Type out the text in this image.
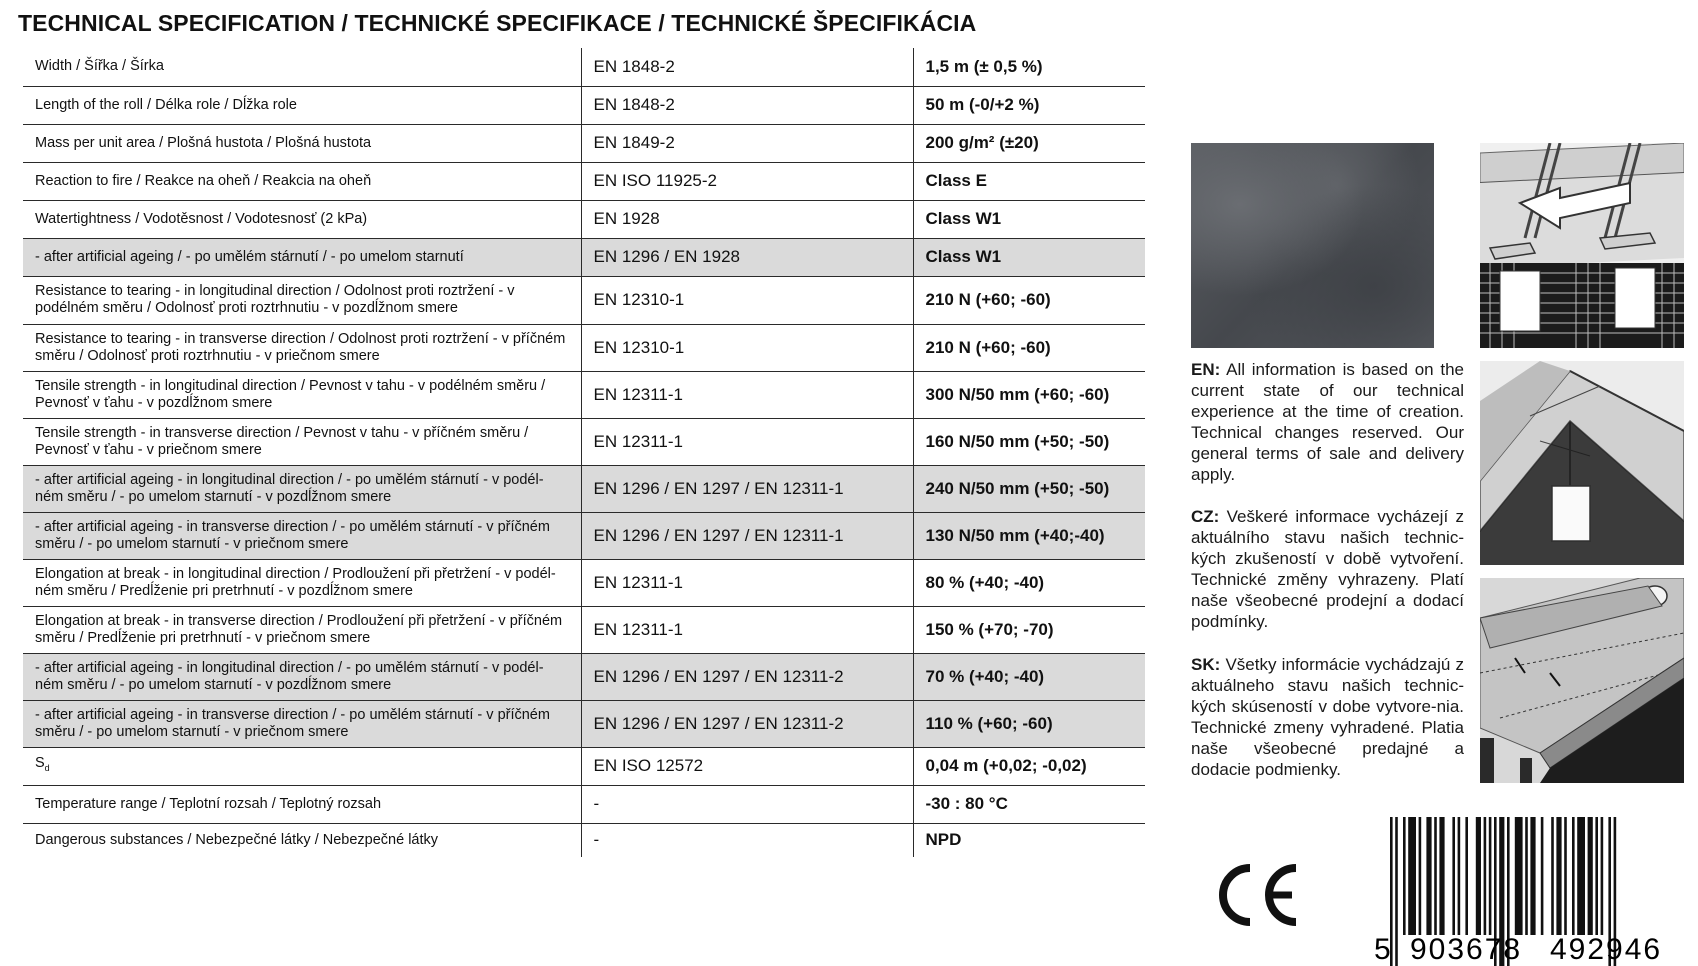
TECHNICAL SPECIFICATION / TECHNICKÉ SPECIFIKACE / TECHNICKÉ ŠPECIFIKÁCIA
Width / Šířka / Šírka	EN 1848-2	1,5 m (± 0,5 %)
Length of the roll / Délka role / Dĺžka role	EN 1848-2	50 m (-0/+2 %)
Mass per unit area / Plošná hustota / Plošná hustota	EN 1849-2	200 g/m² (±20)
Reaction to fire / Reakce na oheň / Reakcia na oheň	EN ISO 11925-2	Class E
Watertightness / Vodotěsnost / Vodotesnosť (2 kPa)	EN 1928	Class W1
- after artificial ageing / - po umělém stárnutí / - po umelom starnutí	EN 1296 / EN 1928	Class W1
Resistance to tearing - in longitudinal direction / Odolnost proti roztržení - v podélném směru / Odolnosť proti roztrhnutiu - v pozdĺžnom smere	EN 12310-1	210 N (+60; -60)
Resistance to tearing - in transverse direction / Odolnost proti roztržení - v příčném směru / Odolnosť proti roztrhnutiu - v priečnom smere	EN 12310-1	210 N (+60; -60)
Tensile strength - in longitudinal direction / Pevnost v tahu - v podélném směru / Pevnosť v ťahu - v pozdĺžnom smere	EN 12311-1	300 N/50 mm (+60; -60)
Tensile strength - in transverse direction / Pevnost v tahu - v příčném směru / Pevnosť v ťahu - v priečnom smere	EN 12311-1	160 N/50 mm (+50; -50)
- after artificial ageing - in longitudinal direction / - po umělém stárnutí - v podél-ném směru / - po umelom starnutí - v pozdĺžnom smere	EN 1296 / EN 1297 / EN 12311-1	240 N/50 mm (+50; -50)
- after artificial ageing - in transverse direction / - po umělém stárnutí - v příčném směru / - po umelom starnutí - v priečnom smere	EN 1296 / EN 1297 / EN 12311-1	130 N/50 mm (+40;-40)
Elongation at break - in longitudinal direction / Prodloužení při přetržení - v podél-ném směru / Predĺženie pri pretrhnutí - v pozdĺžnom smere	EN 12311-1	80 % (+40; -40)
Elongation at break - in transverse direction / Prodloužení při přetržení - v příčném směru / Predĺženie pri pretrhnutí - v priečnom smere	EN 12311-1	150 % (+70; -70)
- after artificial ageing - in longitudinal direction / - po umělém stárnutí - v podél-ném směru / - po umelom starnutí - v pozdĺžnom smere	EN 1296 / EN 1297 / EN 12311-2	70 % (+40; -40)
- after artificial ageing - in transverse direction / - po umělém stárnutí - v příčném směru / - po umelom starnutí - v priečnom smere	EN 1296 / EN 1297 / EN 12311-2	110 % (+60; -60)
$S_d$	EN ISO 12572	0,04 m (+0,02; -0,02)
Temperature range / Teplotní rozsah / Teplotný rozsah	-	-30 : 80 °C
Dangerous substances / Nebezpečné látky / Nebezpečné látky	-	NPD
EN: All information is based on the current state of our technical experience at the time of creation. Technical changes reserved. Our general terms of sale and delivery apply.
CZ: Veškeré informace vycházejí z aktuálního stavu našich technic-kých zkušeností v době vytvoření. Technické změny vyhrazeny. Platí naše všeobecné prodejní a dodací podmínky.
SK: Všetky informácie vychádzajú z aktuálneho stavu našich technic-kých skúseností v dobe vytvore-nia. Technické zmeny vyhradené. Platia naše všeobecné predajné a dodacie podmienky.
5 903678 492946
